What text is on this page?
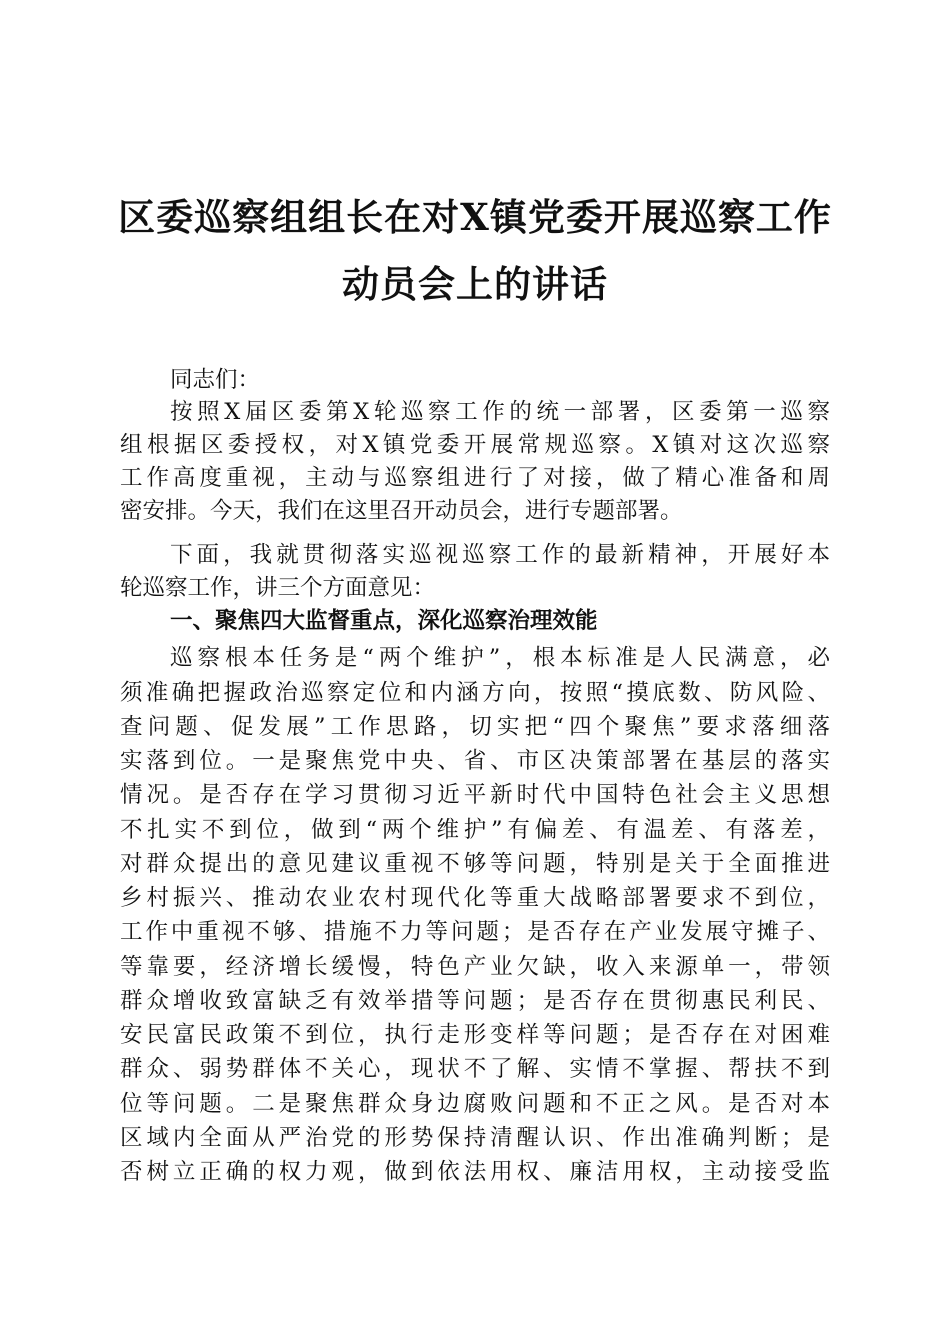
区委巡察组组长在对X镇党委开展巡察工作
动员会上的讲话
同志们：
按照X届区委第X轮巡察工作的统一部署，区委第一巡察
组根据区委授权，对X镇党委开展常规巡察。X镇对这次巡察
工作高度重视，主动与巡察组进行了对接，做了精心准备和周
密安排。今天，我们在这里召开动员会，进行专题部署。
下面，我就贯彻落实巡视巡察工作的最新精神，开展好本
轮巡察工作，讲三个方面意见：
一、聚焦四大监督重点，深化巡察治理效能
巡察根本任务是“两个维护”，根本标准是人民满意，必
须准确把握政治巡察定位和内涵方向，按照“摸底数、防风险、
查问题、促发展”工作思路，切实把“四个聚焦”要求落细落
实落到位。一是聚焦党中央、省、市区决策部署在基层的落实
情况。是否存在学习贯彻习近平新时代中国特色社会主义思想
不扎实不到位，做到“两个维护”有偏差、有温差、有落差，
对群众提出的意见建议重视不够等问题，特别是关于全面推进
乡村振兴、推动农业农村现代化等重大战略部署要求不到位，
工作中重视不够、措施不力等问题；是否存在产业发展守摊子、
等靠要，经济增长缓慢，特色产业欠缺，收入来源单一，带领
群众增收致富缺乏有效举措等问题；是否存在贯彻惠民利民、
安民富民政策不到位，执行走形变样等问题；是否存在对困难
群众、弱势群体不关心，现状不了解、实情不掌握、帮扶不到
位等问题。二是聚焦群众身边腐败问题和不正之风。是否对本
区域内全面从严治党的形势保持清醒认识、作出准确判断；是
否树立正确的权力观，做到依法用权、廉洁用权，主动接受监
